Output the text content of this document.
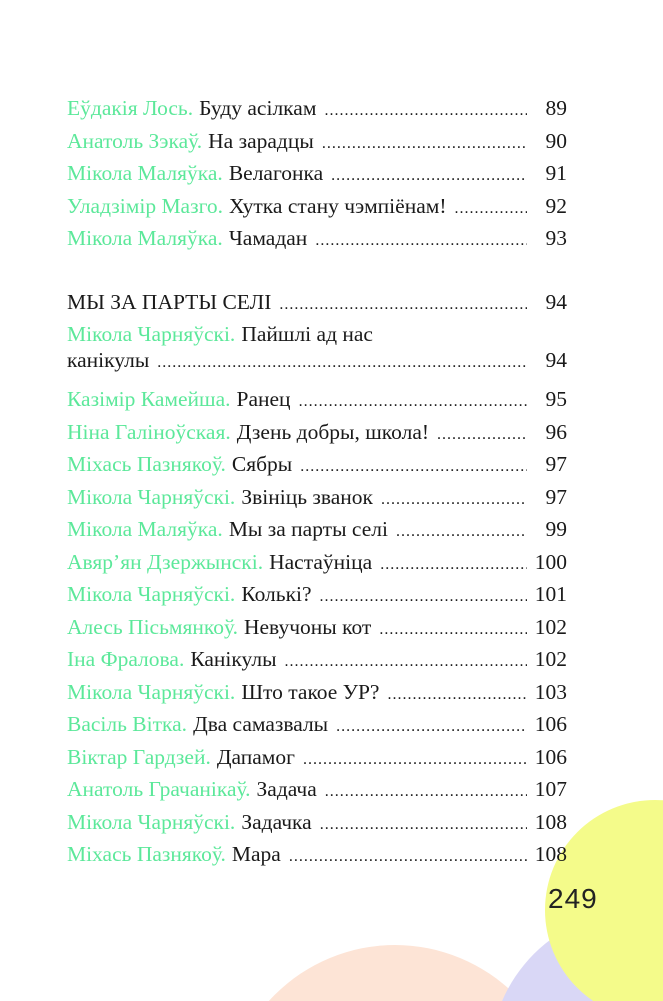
Еўдакія Лось. Буду асілкам .....	89
Анатоль Зэкаў. На зарадцы .....	90
Мікола Маляўка. Велагонка .....	91
Уладзімір Мазго. Хутка стану чэмпіёнам! .....	92
Мікола Маляўка. Чамадан .....	93
МЫ ЗА ПАРТЫ СЕЛІ .....	94
Мікола Чарняўскі. Пайшлі ад нас
канікулы .....	94
Казімір Камейша. Ранец .....	95
Ніна Галіноўская. Дзень добры, школа! .....	96
Міхась Пазнякоў. Сябры .....	97
Мікола Чарняўскі. Звініць званок .....	97
Мікола Маляўка. Мы за парты селі .....	99
Авяр’ян Дзержынскі. Настаўніца .....	100
Мікола Чарняўскі. Колькі? .....	101
Алесь Пісьмянкоў. Невучоны кот .....	102
Іна Фралова. Канікулы .....	102
Мікола Чарняўскі. Што такое УР? .....	103
Васіль Вітка. Два самазвалы .....	106
Віктар Гардзей. Дапамог .....	106
Анатоль Грачанікаў. Задача .....	107
Мікола Чарняўскі. Задачка .....	108
Міхась Пазнякоў. Мара .....	108
249
